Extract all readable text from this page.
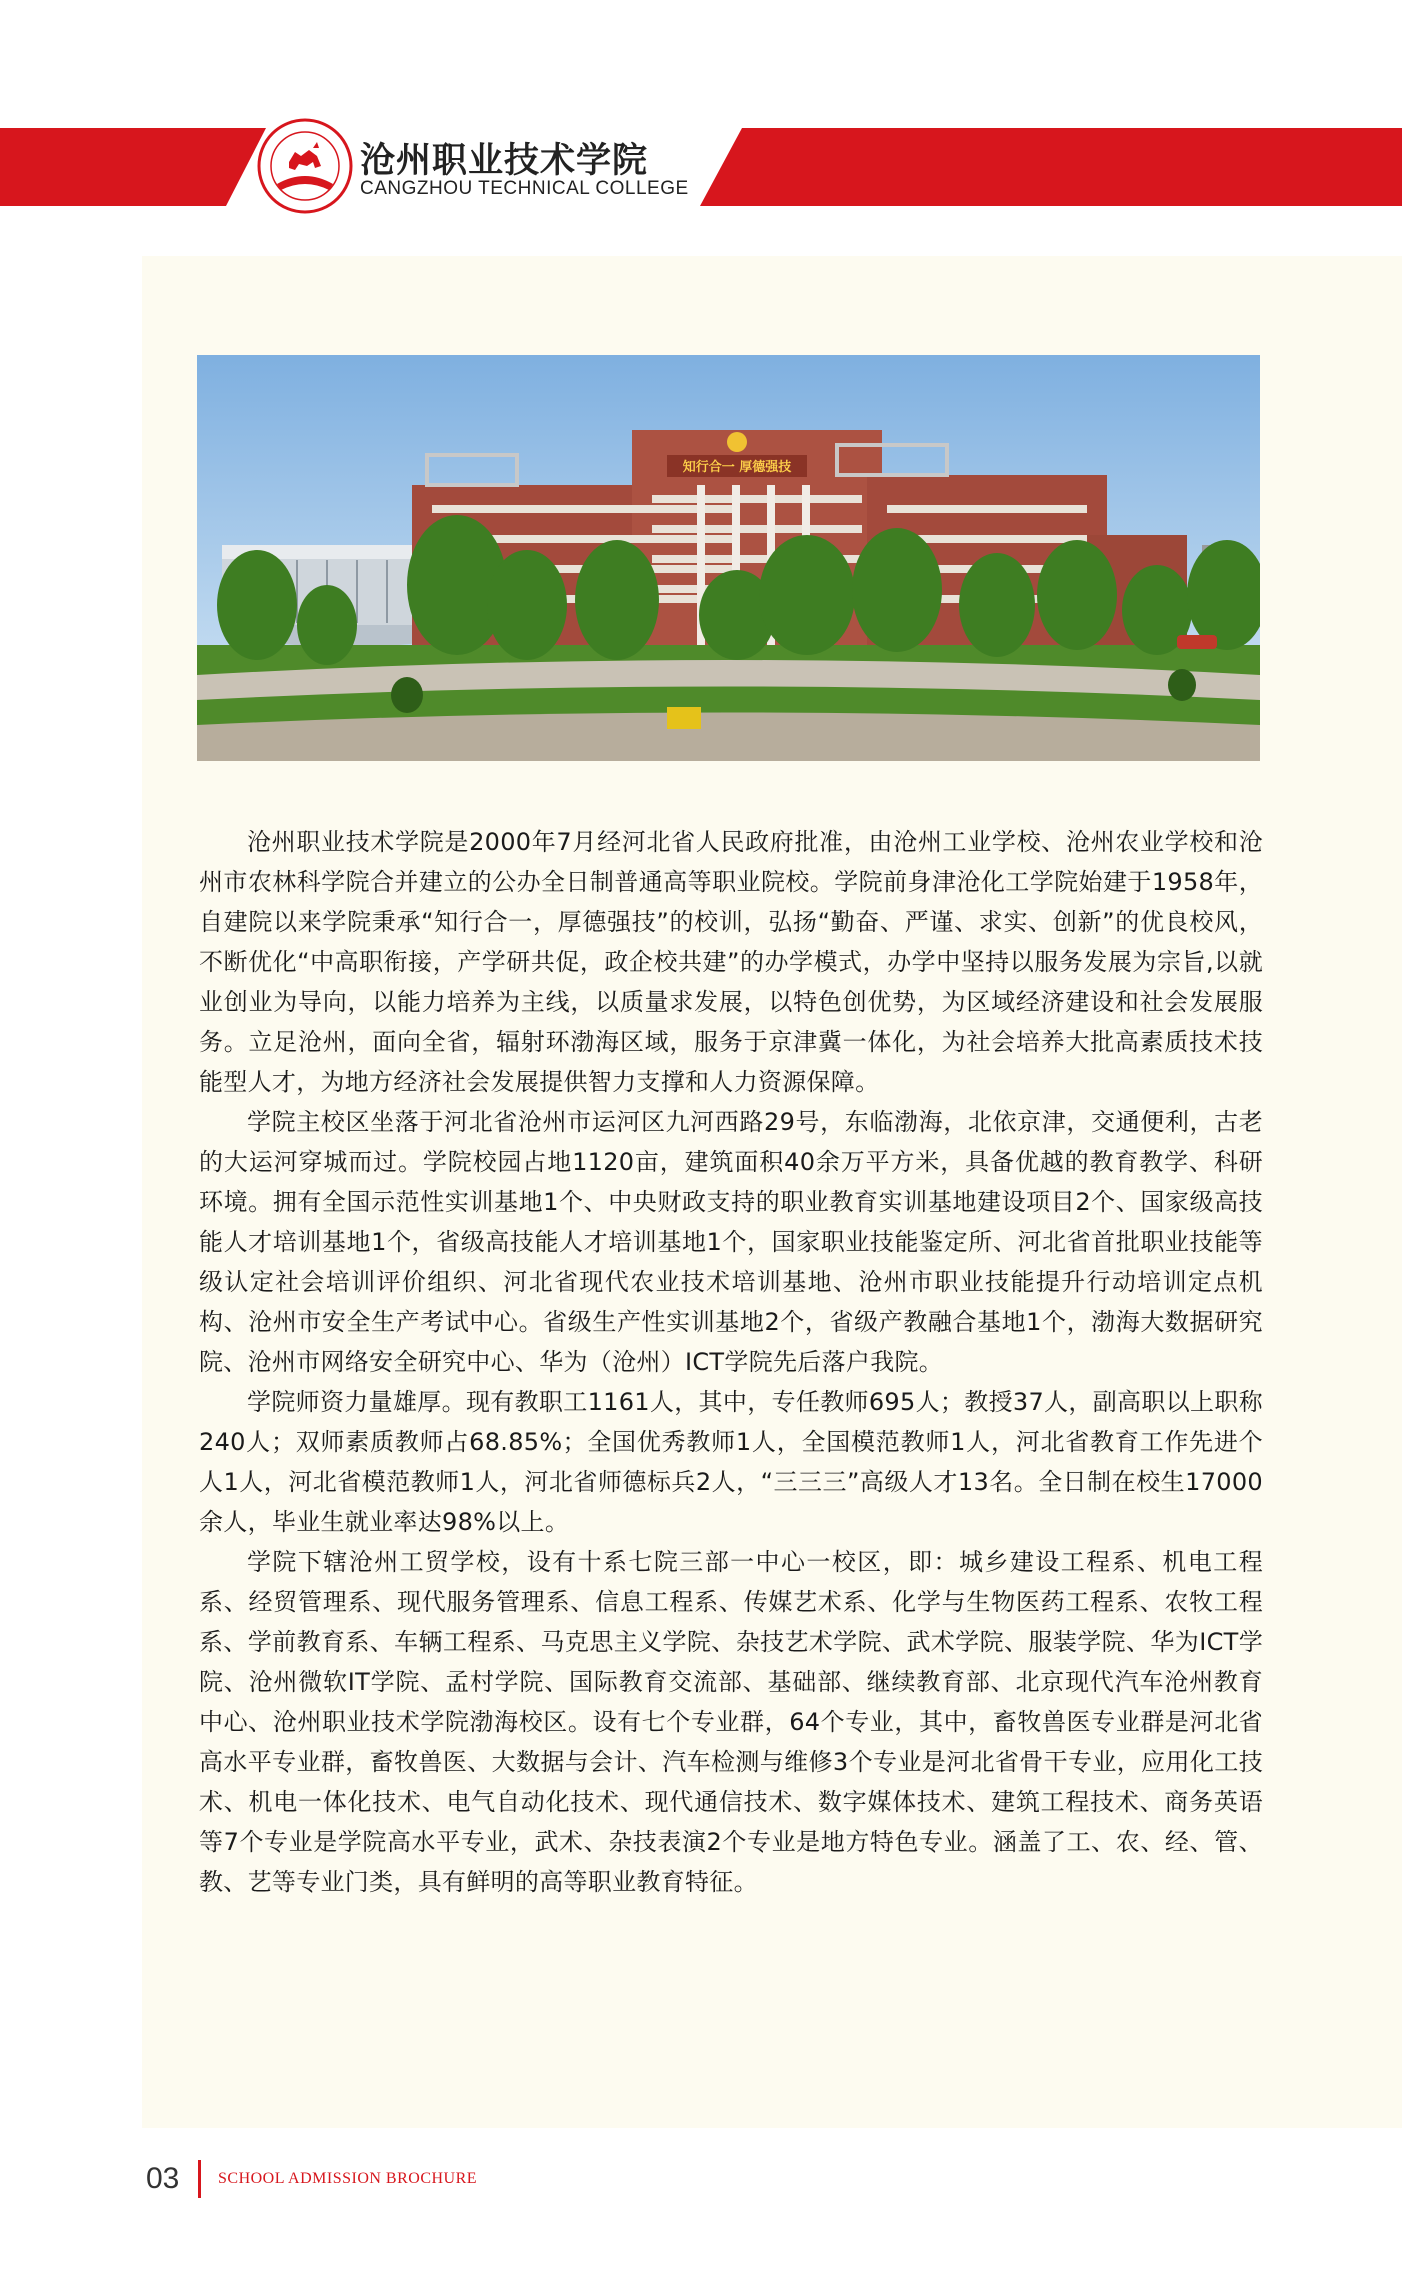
沧州职业技术学院
CANGZHOU TECHNICAL COLLEGE
知行合一 厚德强技

沧州职业技术学院是2000年7月经河北省人民政府批准，由沧州工业学校、沧州农业学校和沧州市农林科学院合并建立的公办全日制普通高等职业院校。学院前身津沧化工学院始建于1958年，自建院以来学院秉承“知行合一，厚德强技”的校训，弘扬“勤奋、严谨、求实、创新”的优良校风，不断优化“中高职衔接，产学研共促，政企校共建”的办学模式，办学中坚持以服务发展为宗旨,以就业创业为导向，以能力培养为主线，以质量求发展，以特色创优势，为区域经济建设和社会发展服务。立足沧州，面向全省，辐射环渤海区域，服务于京津冀一体化，为社会培养大批高素质技术技能型人才，为地方经济社会发展提供智力支撑和人力资源保障。

学院主校区坐落于河北省沧州市运河区九河西路29号，东临渤海，北依京津，交通便利，古老的大运河穿城而过。学院校园占地1120亩，建筑面积40余万平方米，具备优越的教育教学、科研环境。拥有全国示范性实训基地1个、中央财政支持的职业教育实训基地建设项目2个、国家级高技能人才培训基地1个，省级高技能人才培训基地1个，国家职业技能鉴定所、河北省首批职业技能等级认定社会培训评价组织、河北省现代农业技术培训基地、沧州市职业技能提升行动培训定点机构、沧州市安全生产考试中心。省级生产性实训基地2个，省级产教融合基地1个，渤海大数据研究院、沧州市网络安全研究中心、华为（沧州）ICT学院先后落户我院。

学院师资力量雄厚。现有教职工1161人，其中，专任教师695人；教授37人，副高职以上职称240人；双师素质教师占68.85%；全国优秀教师1人，全国模范教师1人，河北省教育工作先进个人1人，河北省模范教师1人，河北省师德标兵2人，“三三三”高级人才13名。全日制在校生17000余人，毕业生就业率达98%以上。

学院下辖沧州工贸学校，设有十系七院三部一中心一校区，即：城乡建设工程系、机电工程系、经贸管理系、现代服务管理系、信息工程系、传媒艺术系、化学与生物医药工程系、农牧工程系、学前教育系、车辆工程系、马克思主义学院、杂技艺术学院、武术学院、服装学院、华为ICT学院、沧州微软IT学院、孟村学院、国际教育交流部、基础部、继续教育部、北京现代汽车沧州教育中心、沧州职业技术学院渤海校区。设有七个专业群，64个专业，其中，畜牧兽医专业群是河北省高水平专业群，畜牧兽医、大数据与会计、汽车检测与维修3个专业是河北省骨干专业，应用化工技术、机电一体化技术、电气自动化技术、现代通信技术、数字媒体技术、建筑工程技术、商务英语等7个专业是学院高水平专业，武术、杂技表演2个专业是地方特色专业。涵盖了工、农、经、管、教、艺等专业门类，具有鲜明的高等职业教育特征。

03 SCHOOL ADMISSION BROCHURE
